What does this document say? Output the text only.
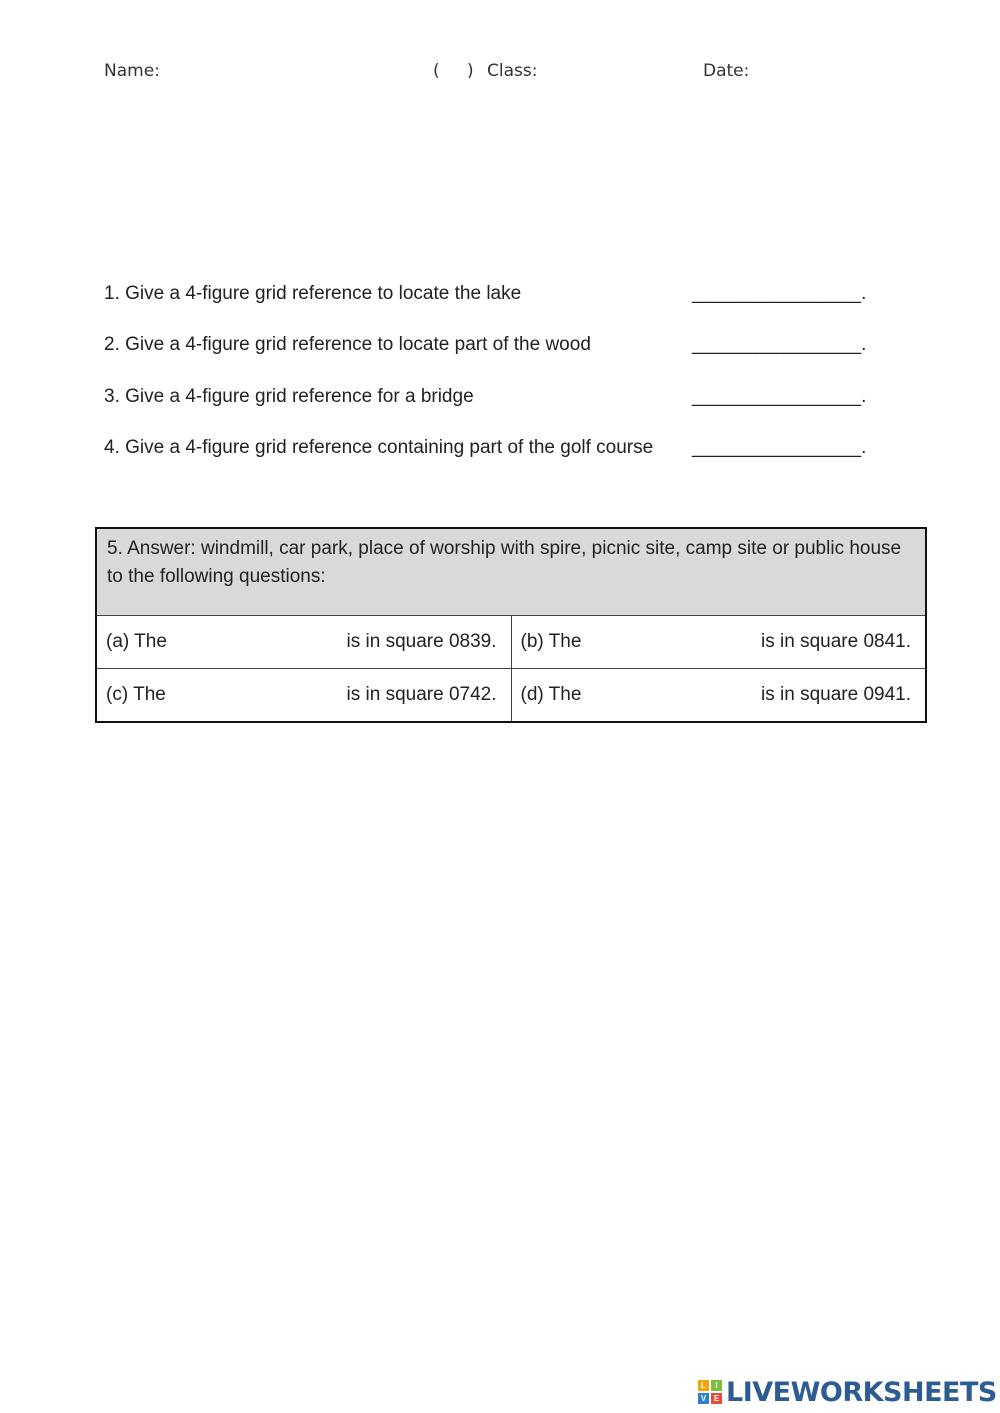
Name:	( ) Class:	Date:
1. Give a 4-figure grid reference to locate the lake	________________.
2. Give a 4-figure grid reference to locate part of the wood	________________.
3. Give a 4-figure grid reference for a bridge	________________.
4. Give a 4-figure grid reference containing part of the golf course ________________.
5. Answer: windmill, car park, place of worship with spire, picnic site, camp site or public house to the following questions:	

(a) The is in square 0839.	(b) The is in square 0841.

(c) The is in square 0742.	(d) The is in square 0941.
L	I
V E LIVEWORKSHEETS
